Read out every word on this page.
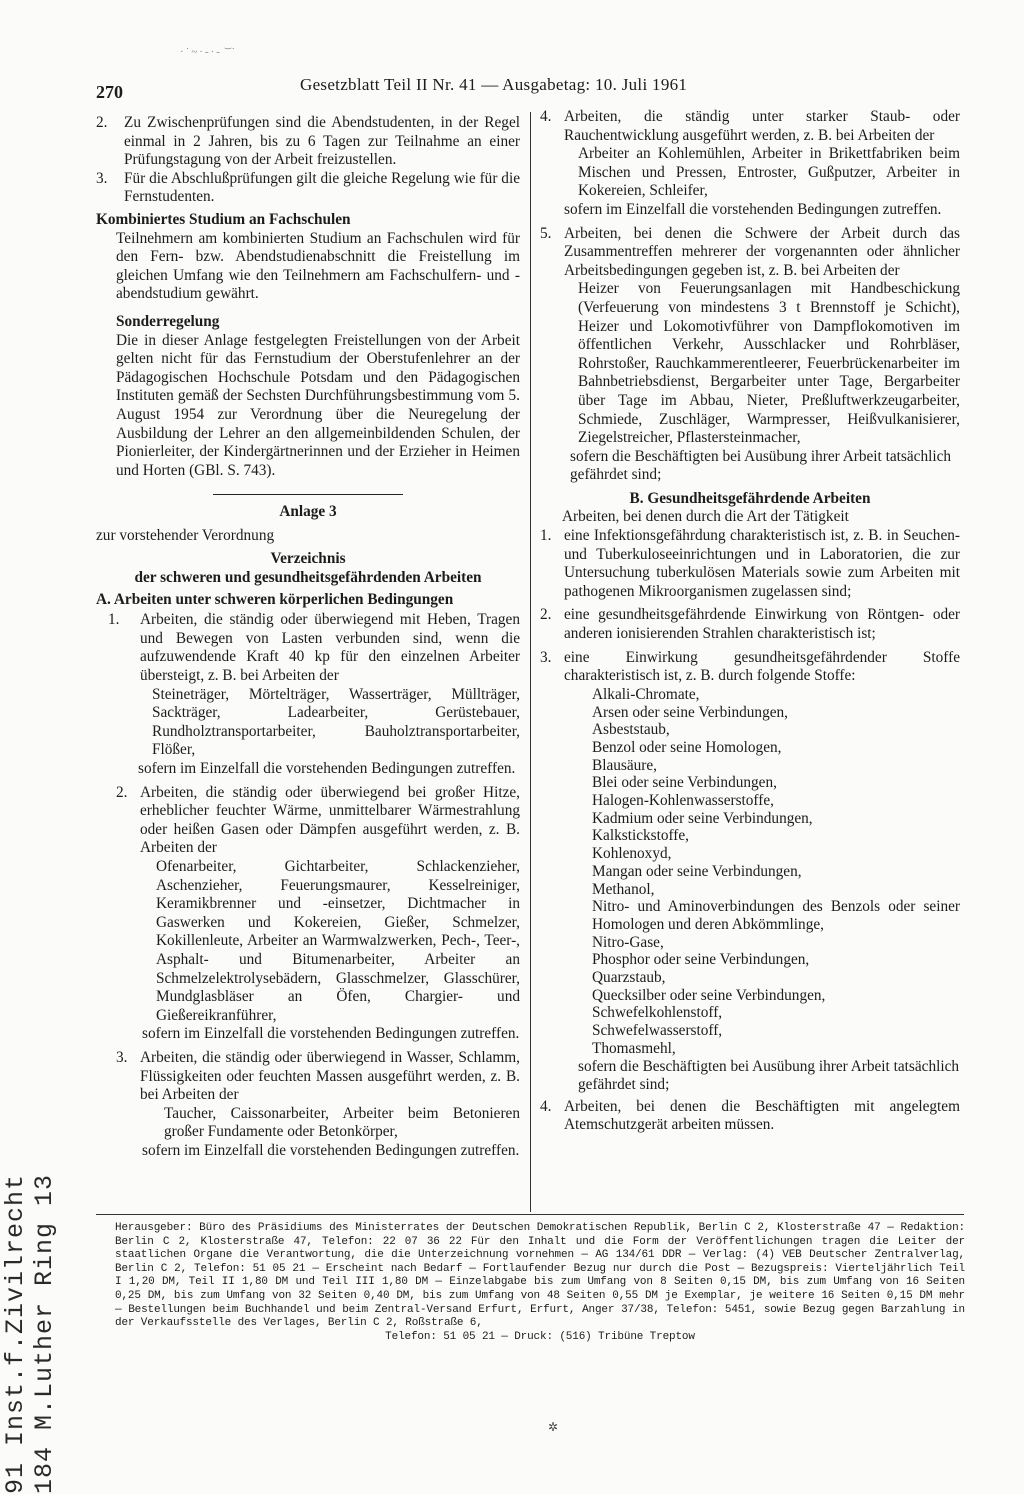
·˙~·-·- ͝ ˙
270	Gesetzblatt Teil II Nr. 41 — Ausgabetag: 10. Juli 1961
2.	Zu Zwischenprüfungen sind die Abendstudenten, in der Regel einmal in 2 Jahren, bis zu 6 Tagen zur Teilnahme an einer Prüfungstagung von der Arbeit freizustellen.
3.	Für die Abschlußprüfungen gilt die gleiche Regelung wie für die Fernstudenten.
Kombiniertes Studium an Fachschulen
Teilnehmern am kombinierten Studium an Fachschulen wird für den Fern- bzw. Abendstudienabschnitt die Freistellung im gleichen Umfang wie den Teilnehmern am Fachschulfern- und -abendstudium gewährt.
Sonderregelung
Die in dieser Anlage festgelegten Freistellungen von der Arbeit gelten nicht für das Fernstudium der Oberstufenlehrer an der Pädagogischen Hochschule Potsdam und den Pädagogischen Instituten gemäß der Sechsten Durchführungsbestimmung vom 5. August 1954 zur Verordnung über die Neuregelung der Ausbildung der Lehrer an den allgemeinbildenden Schulen, der Pionierleiter, der Kindergärtnerinnen und der Erzieher in Heimen und Horten (GBl. S. 743).
Anlage 3
zur vorstehender Verordnung
Verzeichnis
der schweren und gesundheitsgefährdenden Arbeiten
A. Arbeiten unter schweren körperlichen Bedingungen
1.	Arbeiten, die ständig oder überwiegend mit Heben, Tragen und Bewegen von Lasten verbunden sind, wenn die aufzuwendende Kraft 40 kp für den einzelnen Arbeiter übersteigt, z. B. bei Arbeiten der
Steineträger, Mörtelträger, Wasserträger, Müllträger, Sackträger, Ladearbeiter, Gerüstebauer, Rundholztransportarbeiter, Bauholztransportarbeiter, Flößer,
sofern im Einzelfall die vorstehenden Bedingungen zutreffen.
2. Arbeiten, die ständig oder überwiegend bei großer Hitze, erheblicher feuchter Wärme, unmittelbarer Wärmestrahlung oder heißen Gasen oder Dämpfen ausgeführt werden, z. B. Arbeiten der
Ofenarbeiter, Gichtarbeiter, Schlackenzieher, Aschenzieher, Feuerungsmaurer, Kesselreiniger, Keramikbrenner und -einsetzer, Dichtmacher in Gaswerken und Kokereien, Gießer, Schmelzer, Kokillenleute, Arbeiter an Warmwalzwerken, Pech-, Teer-, Asphalt- und Bitumenarbeiter, Arbeiter an Schmelzelektrolysebädern, Glasschmelzer, Glasschürer, Mundglasbläser an Öfen, Chargier- und Gießereikranführer,
sofern im Einzelfall die vorstehenden Bedingungen zutreffen.
3. Arbeiten, die ständig oder überwiegend in Wasser, Schlamm, Flüssigkeiten oder feuchten Massen ausgeführt werden, z. B. bei Arbeiten der
Taucher, Caissonarbeiter, Arbeiter beim Betonieren großer Fundamente oder Betonkörper,
sofern im Einzelfall die vorstehenden Bedingungen zutreffen.
4. Arbeiten, die ständig unter starker Staub- oder Rauchentwicklung ausgeführt werden, z. B. bei Arbeiten der
Arbeiter an Kohlemühlen, Arbeiter in Brikettfabriken beim Mischen und Pressen, Entroster, Gußputzer, Arbeiter in Kokereien, Schleifer,
sofern im Einzelfall die vorstehenden Bedingungen zutreffen.
5. Arbeiten, bei denen die Schwere der Arbeit durch das Zusammentreffen mehrerer der vorgenannten oder ähnlicher Arbeitsbedingungen gegeben ist, z. B. bei Arbeiten der
Heizer von Feuerungsanlagen mit Handbeschickung (Verfeuerung von mindestens 3 t Brennstoff je Schicht), Heizer und Lokomotivführer von Dampflokomotiven im öffentlichen Verkehr, Ausschlacker und Rohrbläser, Rohrstoßer, Rauchkammerentleerer, Feuerbrückenarbeiter im Bahnbetriebsdienst, Bergarbeiter unter Tage, Bergarbeiter über Tage im Abbau, Nieter, Preßluftwerkzeugarbeiter, Schmiede, Zuschläger, Warmpresser, Heißvulkanisierer, Ziegelstreicher, Pflastersteinmacher,
sofern die Beschäftigten bei Ausübung ihrer Arbeit tatsächlich gefährdet sind;
B. Gesundheitsgefährdende Arbeiten
Arbeiten, bei denen durch die Art der Tätigkeit
1. eine Infektionsgefährdung charakteristisch ist, z. B. in Seuchen- und Tuberkuloseeinrichtungen und in Laboratorien, die zur Untersuchung tuberkulösen Materials sowie zum Arbeiten mit pathogenen Mikroorganismen zugelassen sind;
2. eine gesundheitsgefährdende Einwirkung von Röntgen- oder anderen ionisierenden Strahlen charakteristisch ist;
3. eine Einwirkung gesundheitsgefährdender Stoffe charakteristisch ist, z. B. durch folgende Stoffe:
Alkali-Chromate,
Arsen oder seine Verbindungen,
Asbeststaub,
Benzol oder seine Homologen,
Blausäure,
Blei oder seine Verbindungen,
Halogen-Kohlenwasserstoffe,
Kadmium oder seine Verbindungen,
Kalkstickstoffe,
Kohlenoxyd,
Mangan oder seine Verbindungen,
Methanol,
Nitro- und Aminoverbindungen des Benzols oder seiner Homologen und deren Abkömmlinge,
Nitro-Gase,
Phosphor oder seine Verbindungen,
Quarzstaub,
Quecksilber oder seine Verbindungen,
Schwefelkohlenstoff,
Schwefelwasserstoff,
Thomasmehl,
sofern die Beschäftigten bei Ausübung ihrer Arbeit tatsächlich gefährdet sind;
4. Arbeiten, bei denen die Beschäftigten mit angelegtem Atemschutzgerät arbeiten müssen.
Herausgeber: Büro des Präsidiums des Ministerrates der Deutschen Demokratischen Republik, Berlin C 2, Klosterstraße 47 — Redaktion: Berlin C 2, Klosterstraße 47, Telefon: 22 07 36 22 Für den Inhalt und die Form der Veröffentlichungen tragen die Leiter der staatlichen Organe die Verantwortung, die die Unterzeichnung vornehmen — AG 134/61 DDR — Verlag: (4) VEB Deutscher Zentralverlag, Berlin C 2, Telefon: 51 05 21 — Erscheint nach Bedarf — Fortlaufender Bezug nur durch die Post — Bezugspreis: Vierteljährlich Teil I 1,20 DM, Teil II 1,80 DM und Teil III 1,80 DM — Einzelabgabe bis zum Umfang von 8 Seiten 0,15 DM, bis zum Umfang von 16 Seiten 0,25 DM, bis zum Umfang von 32 Seiten 0,40 DM, bis zum Umfang von 48 Seiten 0,55 DM je Exemplar, je weitere 16 Seiten 0,15 DM mehr — Bestellungen beim Buchhandel und beim Zentral-Versand Erfurt, Erfurt, Anger 37/38, Telefon: 5451, sowie Bezug gegen Barzahlung in der Verkaufsstelle des Verlages, Berlin C 2, Roßstraße 6,
Telefon: 51 05 21 — Druck: (516) Tribüne Treptow
91 Inst.f.Zivilrecht 184 M.Luther Ring 13	✲
